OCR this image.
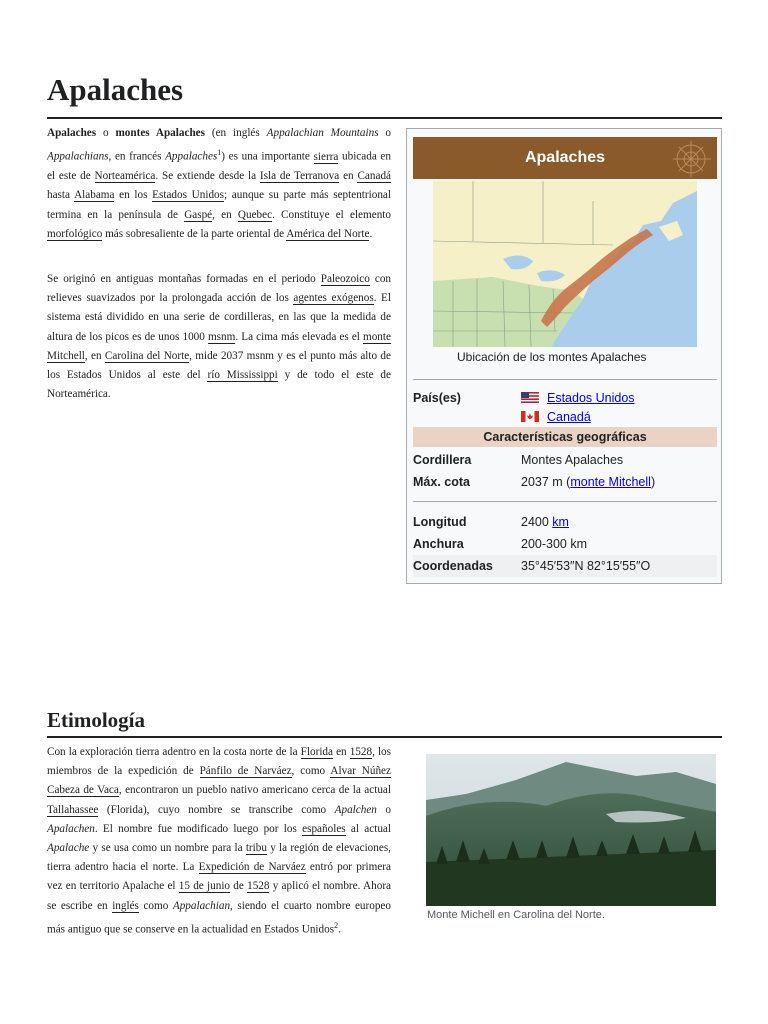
Apalaches

Apalaches o montes Apalaches (en inglés Appalachian Mountains o Appalachians, en francés Appalaches$^1$) es una importante sierra ubicada en el este de Norteamérica. Se extiende desde la Isla de Terranova en Canadá hasta Alabama en los Estados Unidos; aunque su parte más septentrional termina en la península de Gaspé, en Quebec. Constituye el elemento morfológico más sobresaliente de la parte oriental de América del Norte.

Se originó en antiguas montañas formadas en el periodo Paleozoico con relieves suavizados por la prolongada acción de los agentes exógenos. El sistema está dividido en una serie de cordilleras, en las que la medida de altura de los picos es de unos 1000 msnm. La cima más elevada es el monte Mitchell, en Carolina del Norte, mide 2037 msnm y es el punto más alto de los Estados Unidos al este del río Mississippi y de todo el este de Norteamérica.

Apalaches
Ubicación de los montes Apalaches
País(es)	Estados Unidos
Canadá
Características geográficas
Cordillera	Montes Apalaches
Máx. cota	2037 m (monte Mitchell)
Longitud	2400 km
Anchura	200-300 km
Coordenadas 35°45′53″N 82°15′55″O
Etimología

Con la exploración tierra adentro en la costa norte de la Florida en 1528, los miembros de la expedición de Pánfilo de Narváez, como Alvar Núñez Cabeza de Vaca, encontraron un pueblo nativo americano cerca de la actual Tallahassee (Florida), cuyo nombre se transcribe como Apalchen o Apalachen. El nombre fue modificado luego por los españoles al actual Apalache y se usa como un nombre para la tribu y la región de elevaciones, tierra adentro hacia el norte. La Expedición de Narváez entró por primera vez en territorio Apalache el 15 de junio de 1528 y aplicó el nombre. Ahora se escribe en inglés como Appalachian, siendo el cuarto nombre europeo más antiguo que se conserve en la actualidad en Estados Unidos$^2$.

Monte Michell en Carolina del Norte.
